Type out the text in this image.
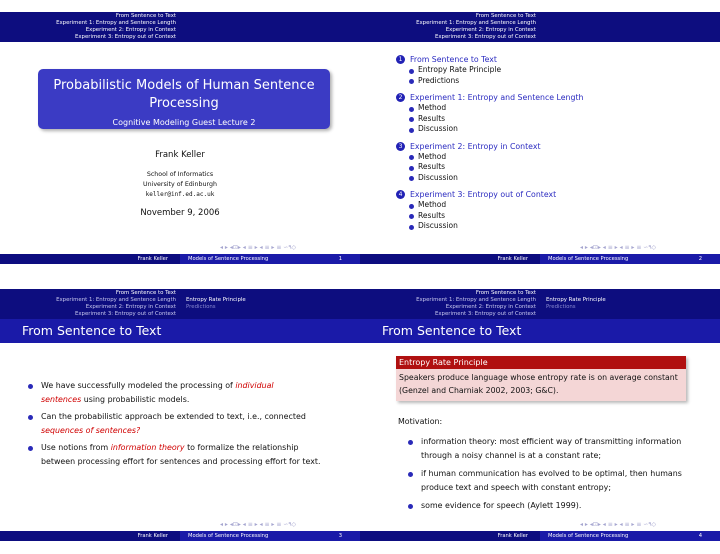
From Sentence to Text
Experiment 1: Entropy and Sentence Length
Experiment 2: Entropy in Context
Experiment 3: Entropy out of Context
Probabilistic Models of Human Sentence
Processing
Cognitive Modeling Guest Lecture 2
Frank Keller
School of Informatics
University of Edinburgh
keller@inf.ed.ac.uk
November 9, 2006
◂ ▸ ◂⊡▸ ◂ ≡ ▸ ◂ ≡ ▸ ≡ ∽٩◇
Frank Keller	Models of Sentence Processing	1
From Sentence to Text
Experiment 1: Entropy and Sentence Length
Experiment 2: Entropy in Context
Experiment 3: Entropy out of Context
1 From Sentence to Text
Entropy Rate Principle
Predictions
2 Experiment 1: Entropy and Sentence Length
Method
Results
Discussion
3 Experiment 2: Entropy in Context
Method
Results
Discussion
4 Experiment 3: Entropy out of Context
Method
Results
Discussion
◂ ▸ ◂⊡▸ ◂ ≡ ▸ ◂ ≡ ▸ ≡ ∽٩◇
Frank Keller	Models of Sentence Processing	2
From Sentence to Text
Experiment 1: Entropy and Sentence Length
Experiment 2: Entropy in Context
Experiment 3: Entropy out of Context
Entropy Rate Principle
Predictions
From Sentence to Text
We have successfully modeled the processing of individual
sentences using probabilistic models.
Can the probabilistic approach be extended to text, i.e., connected sequences of sentences?
Use notions from information theory to formalize the relationship between processing effort for sentences and processing effort for text.
◂ ▸ ◂⊡▸ ◂ ≡ ▸ ◂ ≡ ▸ ≡ ∽٩◇
Frank Keller	Models of Sentence Processing	3
From Sentence to Text
Experiment 1: Entropy and Sentence Length
Experiment 2: Entropy in Context
Experiment 3: Entropy out of Context
Entropy Rate Principle
Predictions
From Sentence to Text
Entropy Rate Principle
Speakers produce language whose entropy rate is on average constant (Genzel and Charniak 2002, 2003; G&C).
Motivation:
information theory: most efficient way of transmitting information through a noisy channel is at a constant rate;
if human communication has evolved to be optimal, then humans produce text and speech with constant entropy;
some evidence for speech (Aylett 1999).
◂ ▸ ◂⊡▸ ◂ ≡ ▸ ◂ ≡ ▸ ≡ ∽٩◇
Frank Keller	Models of Sentence Processing	4
